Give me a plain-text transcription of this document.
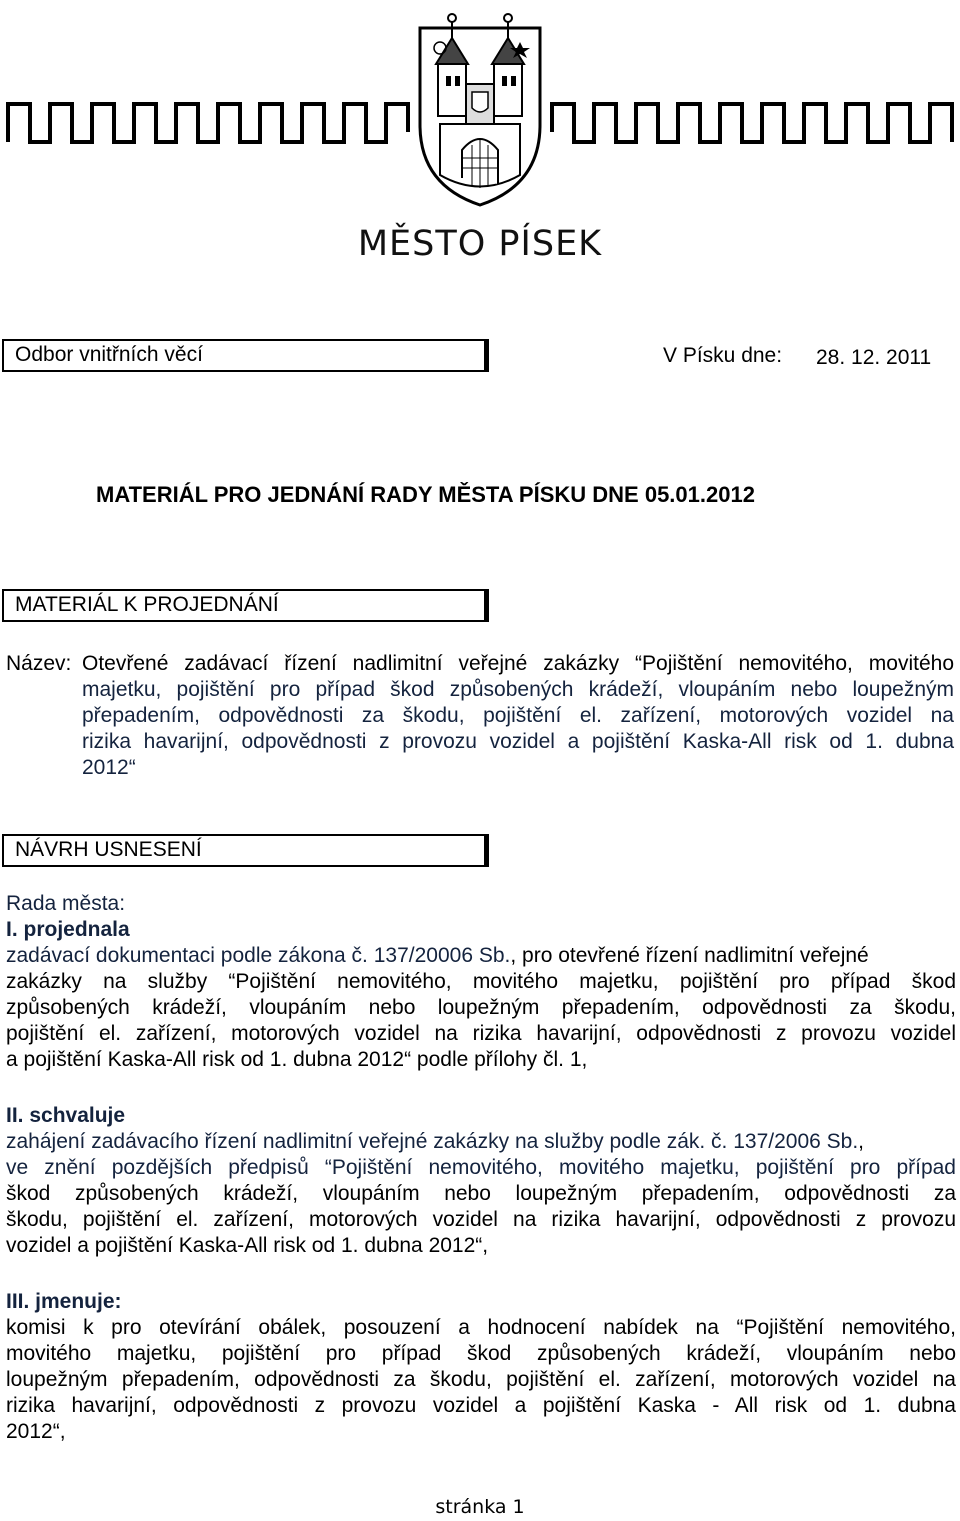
MĚSTO PÍSEK
Odbor vnitřních věcí	V Písku dne: 28. 12. 2011
MATERIÁL PRO JEDNÁNÍ RADY MĚSTA PÍSKU DNE 05.01.2012
MATERIÁL K PROJEDNÁNÍ
Název: Otevřené zadávací řízení nadlimitní veřejné zakázky “Pojištění nemovitého, movitého
majetku, pojištění pro případ škod způsobených krádeží, vloupáním nebo loupežným
přepadením, odpovědnosti za škodu, pojištění el. zařízení, motorových vozidel na
rizika havarijní, odpovědnosti z provozu vozidel a pojištění Kaska-All risk od 1. dubna
2012“
NÁVRH USNESENÍ
Rada města:
I. projednala
zadávací dokumentaci podle zákona č. 137/20006 Sb., pro otevřené řízení nadlimitní veřejné
zakázky na služby “Pojištění nemovitého, movitého majetku, pojištění pro případ škod
způsobených krádeží, vloupáním nebo loupežným přepadením, odpovědnosti za škodu,
pojištění el. zařízení, motorových vozidel na rizika havarijní, odpovědnosti z provozu vozidel
a pojištění Kaska-All risk od 1. dubna 2012“ podle přílohy čl. 1,
II. schvaluje
zahájení zadávacího řízení nadlimitní veřejné zakázky na služby podle zák. č. 137/2006 Sb.,
ve znění pozdějších předpisů “Pojištění nemovitého, movitého majetku, pojištění pro případ
škod způsobených krádeží, vloupáním nebo loupežným přepadením, odpovědnosti za
škodu, pojištění el. zařízení, motorových vozidel na rizika havarijní, odpovědnosti z provozu
vozidel a pojištění Kaska-All risk od 1. dubna 2012“,
III. jmenuje:
komisi k pro otevírání obálek, posouzení a hodnocení nabídek na “Pojištění nemovitého,
movitého majetku, pojištění pro případ škod způsobených krádeží, vloupáním nebo
loupežným přepadením, odpovědnosti za škodu, pojištění el. zařízení, motorových vozidel na
rizika havarijní, odpovědnosti z provozu vozidel a pojištění Kaska - All risk od 1. dubna
2012“,
stránka 1
